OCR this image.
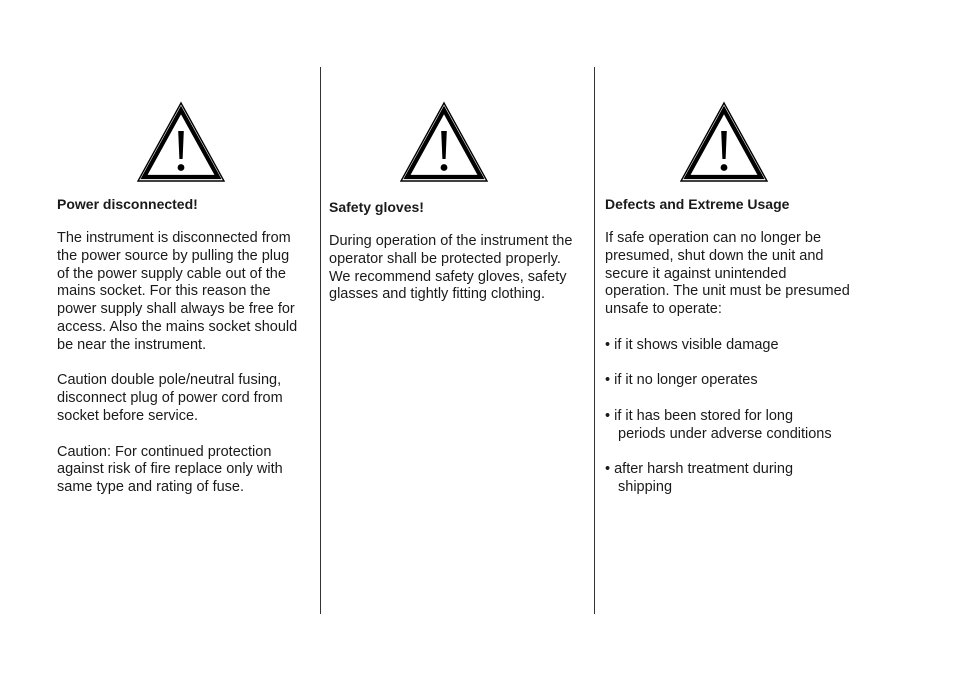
Power disconnected!

The instrument is disconnected from
the power source by pulling the plug
of the power supply cable out of the
mains socket. For this reason the
power supply shall always be free for
access. Also the mains socket should
be near the instrument.

Caution double pole/neutral fusing,
disconnect plug of power cord from
socket before service.

Caution: For continued protection
against risk of fire replace only with
same type and rating of fuse.

Safety gloves!

During operation of the instrument the
operator shall be protected properly.
We recommend safety gloves, safety
glasses and tightly fitting clothing.

Defects and Extreme Usage

If safe operation can no longer be
presumed, shut down the unit and
secure it against unintended
operation. The unit must be presumed
unsafe to operate:

• if it shows visible damage

• if it no longer operates

• if it has been stored for long
periods under adverse conditions

• after harsh treatment during
shipping
